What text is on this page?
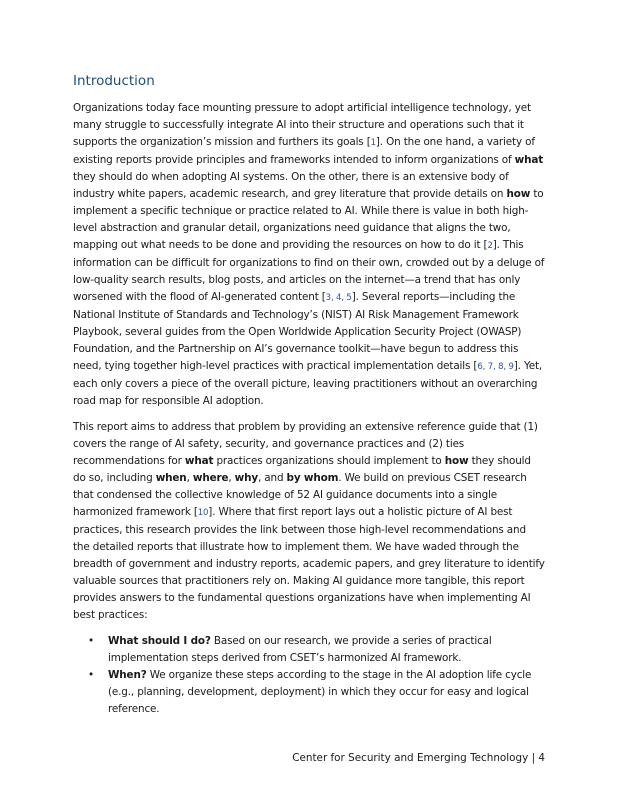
Introduction

Organizations today face mounting pressure to adopt artificial intelligence technology, yet many struggle to successfully integrate AI into their structure and operations such that it supports the organization’s mission and furthers its goals [1]. On the one hand, a variety of existing reports provide principles and frameworks intended to inform organizations of what they should do when adopting AI systems. On the other, there is an extensive body of industry white papers, academic research, and grey literature that provide details on how to implement a specific technique or practice related to AI. While there is value in both high-level abstraction and granular detail, organizations need guidance that aligns the two, mapping out what needs to be done and providing the resources on how to do it [2]. This information can be difficult for organizations to find on their own, crowded out by a deluge of low-quality search results, blog posts, and articles on the internet—a trend that has only worsened with the flood of AI-generated content [3, 4, 5]. Several reports—including the National Institute of Standards and Technology’s (NIST) AI Risk Management Framework Playbook, several guides from the Open Worldwide Application Security Project (OWASP) Foundation, and the Partnership on AI’s governance toolkit—have begun to address this need, tying together high-level practices with practical implementation details [6, 7, 8, 9]. Yet, each only covers a piece of the overall picture, leaving practitioners without an overarching road map for responsible AI adoption.

This report aims to address that problem by providing an extensive reference guide that (1) covers the range of AI safety, security, and governance practices and (2) ties recommendations for what practices organizations should implement to how they should do so, including when, where, why, and by whom. We build on previous CSET research that condensed the collective knowledge of 52 AI guidance documents into a single harmonized framework [10]. Where that first report lays out a holistic picture of AI best practices, this research provides the link between those high-level recommendations and the detailed reports that illustrate how to implement them. We have waded through the breadth of government and industry reports, academic papers, and grey literature to identify valuable sources that practitioners rely on. Making AI guidance more tangible, this report provides answers to the fundamental questions organizations have when implementing AI best practices:

• What should I do? Based on our research, we provide a series of practical implementation steps derived from CSET’s harmonized AI framework.
• When? We organize these steps according to the stage in the AI adoption life cycle (e.g., planning, development, deployment) in which they occur for easy and logical reference.
Center for Security and Emerging Technology | 4
